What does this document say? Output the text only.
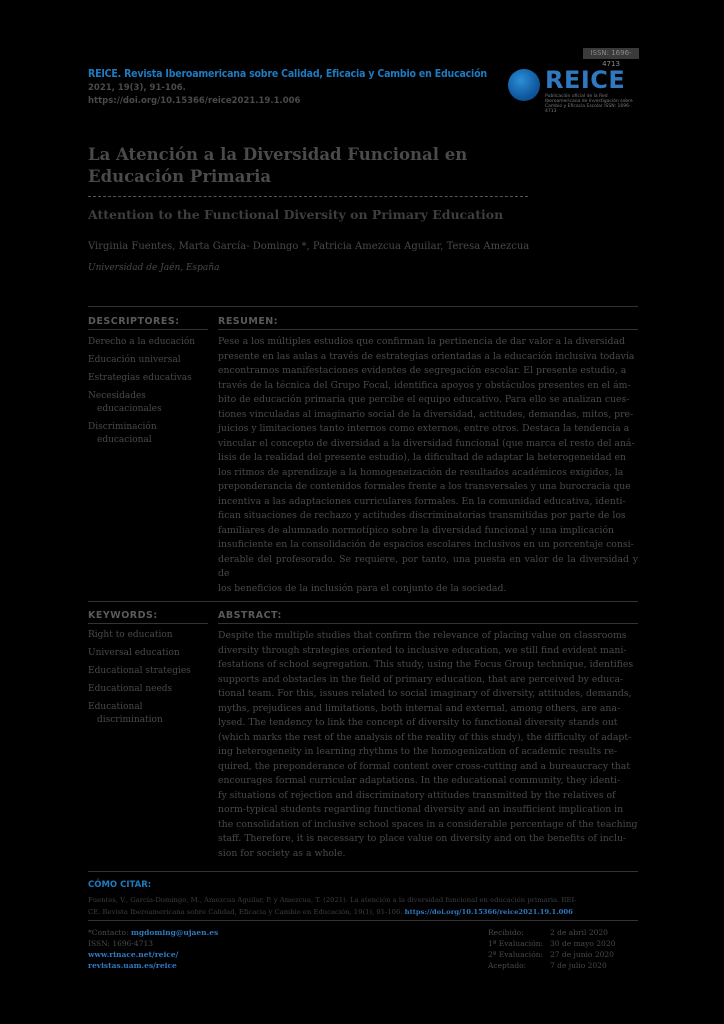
ISSN: 1696-4713
REICE. Revista Iberoamericana sobre Calidad, Eficacia y Cambio en Educación
2021, 19(3), 91-106.
https://doi.org/10.15366/reice2021.19.1.006
REICE
Publicación oficial de la Red Iberoamericana de Investigación sobre Cambio y Eficacia Escolar ISSN: 1696-4713
La Atención a la Diversidad Funcional en Educación Primaria
Attention to the Functional Diversity on Primary Education
Virginia Fuentes, Marta García- Domingo *, Patricia Amezcua Aguilar, Teresa Amezcua
Universidad de Jaén, España
DESCRIPTORES:	RESUMEN:
Derecho a la educación
Educación universal
Estrategias educativas
Necesidades
educacionales
Discriminación
educacional
Pese a los múltiples estudios que confirman la pertinencia de dar valor a la diversidad
presente en las aulas a través de estrategias orientadas a la educación inclusiva todavía
encontramos manifestaciones evidentes de segregación escolar. El presente estudio, a
través de la técnica del Grupo Focal, identifica apoyos y obstáculos presentes en el ám-
bito de educación primaria que percibe el equipo educativo. Para ello se analizan cues-
tiones vinculadas al imaginario social de la diversidad, actitudes, demandas, mitos, pre-
juicios y limitaciones tanto internos como externos, entre otros. Destaca la tendencia a
vincular el concepto de diversidad a la diversidad funcional (que marca el resto del aná-
lisis de la realidad del presente estudio), la dificultad de adaptar la heterogeneidad en
los ritmos de aprendizaje a la homogeneización de resultados académicos exigidos, la
preponderancia de contenidos formales frente a los transversales y una burocracia que
incentiva a las adaptaciones curriculares formales. En la comunidad educativa, identi-
fican situaciones de rechazo y actitudes discriminatorias transmitidas por parte de los
familiares de alumnado normotípico sobre la diversidad funcional y una implicación
insuficiente en la consolidación de espacios escolares inclusivos en un porcentaje consi-
derable del profesorado. Se requiere, por tanto, una puesta en valor de la diversidad y de
los beneficios de la inclusión para el conjunto de la sociedad.
KEYWORDS:	ABSTRACT:
Right to education
Universal education
Educational strategies
Educational needs
Educational
discrimination
Despite the multiple studies that confirm the relevance of placing value on classrooms
diversity through strategies oriented to inclusive education, we still find evident mani-
festations of school segregation. This study, using the Focus Group technique, identifies
supports and obstacles in the field of primary education, that are perceived by educa-
tional team. For this, issues related to social imaginary of diversity, attitudes, demands,
myths, prejudices and limitations, both internal and external, among others, are ana-
lysed. The tendency to link the concept of diversity to functional diversity stands out
(which marks the rest of the analysis of the reality of this study), the difficulty of adapt-
ing heterogeneity in learning rhythms to the homogenization of academic results re-
quired, the preponderance of formal content over cross-cutting and a bureaucracy that
encourages formal curricular adaptations. In the educational community, they identi-
fy situations of rejection and discriminatory attitudes transmitted by the relatives of
norm-typical students regarding functional diversity and an insufficient implication in
the consolidation of inclusive school spaces in a considerable percentage of the teaching
staff. Therefore, it is necessary to place value on diversity and on the benefits of inclu-
sion for society as a whole.
CÓMO CITAR:
Fuentes, V., García-Domingo, M., Amezcua Aguilar, P. y Amezcua, T. (2021). La atención a la diversidad funcional en educación primaria. REI-
CE. Revista Iberoamericana sobre Calidad, Eficacia y Cambio en Educación, 19(1), 91-106. https://doi.org/10.15366/reice2021.19.1.006
*Contacto: mgdoming@ujaen.es
ISSN: 1696-4713
www.rinace.net/reice/
revistas.uam.es/reice
Recibido:	2 de abril 2020
1ª Evaluación:	30 de mayo 2020
2ª Evaluación:	27 de junio 2020
Aceptado:	7 de julio 2020
